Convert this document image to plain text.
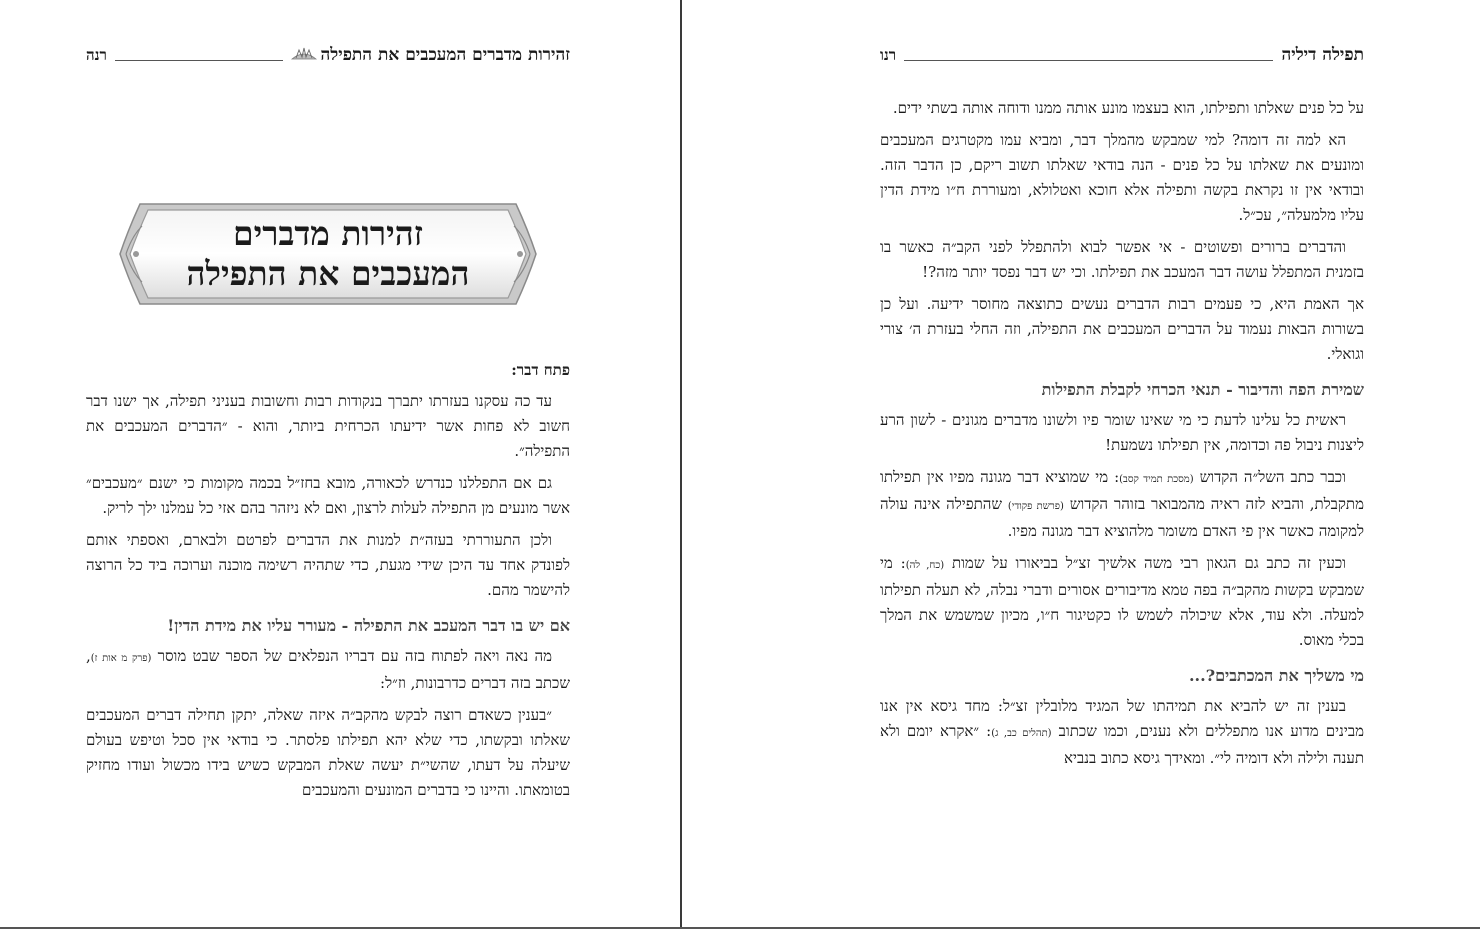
זהירות מדברים המעכבים את התפילה
רנה
זהירות מדברים
המעכבים את התפילה
פתח דבר:

עד כה עסקנו בעזרתו יתברך בנקודות רבות וחשובות בעניני תפילה, אך ישנו דבר חשוב לא פחות אשר ידיעתו הכרחית ביותר, והוא - ״הדברים המעכבים את התפילה״.

גם אם התפללנו כנדרש לכאורה, מובא בחז״ל בכמה מקומות כי ישנם ״מעכבים״ אשר מונעים מן התפילה לעלות לרצון, ואם לא ניזהר בהם אזי כל עמלנו ילך לריק.

ולכן התעוררתי בעזה״ת למנות את הדברים לפרטם ולבארם, ואספתי אותם לפונדק אחד עד היכן שידי מגעת, כדי שתהיה רשימה מוכנה וערוכה ביד כל הרוצה להישמר מהם.

אם יש בו דבר המעכב את התפילה - מעורר עליו את מידת הדין!

מה נאה ויאה לפתוח בזה עם דבריו הנפלאים של הספר שבט מוסר (פרק מ אות ז), שכתב בזה דברים כדרבונות, וז״ל:

״בענין כשאדם רוצה לבקש מהקב״ה איזה שאלה, יתקן תחילה דברים המעכבים שאלתו ובקשתו, כדי שלא יהא תפילתו פלסתר. כי בודאי אין סכל וטיפש בעולם שיעלה על דעתו, שהשי״ת יעשה שאלת המבקש כשיש בידו מכשול ועודו מחזיק בטומאתו. והיינו כי בדברים המונעים והמעכבים

תפילה דיליה
רנו

על כל פנים שאלתו ותפילתו, הוא בעצמו מונע אותה ממנו ודוחה אותה בשתי ידים.

הא למה זה דומה? למי שמבקש מהמלך דבר, ומביא עמו מקטרגים המעכבים ומונעים את שאלתו על כל פנים - הנה בודאי שאלתו תשוב ריקם, כן הדבר הזה. ובודאי אין זו נקראת בקשה ותפילה אלא חוכא ואטלולא, ומעוררת ח״ו מידת הדין עליו מלמעלה״, עכ״ל.

והדברים ברורים ופשוטים - אי אפשר לבוא ולהתפלל לפני הקב״ה כאשר בו בזמנית המתפלל עושה דבר המעכב את תפילתו. וכי יש דבר נפסד יותר מזה?!

אך האמת היא, כי פעמים רבות הדברים נעשים כתוצאה מחוסר ידיעה. ועל כן בשורות הבאות נעמוד על הדברים המעכבים את התפילה, וזה החלי בעזרת ה׳ צורי וגואלי.

שמירת הפה והדיבור - תנאי הכרחי לקבלת התפילות

ראשית כל עלינו לדעת כי מי שאינו שומר פיו ולשונו מדברים מגונים - לשון הרע ליצנות ניבול פה וכדומה, אין תפילתו נשמעת!

וכבר כתב השל״ה הקדוש (מסכת תמיד קסב): מי שמוציא דבר מגונה מפיו אין תפילתו מתקבלת, והביא לזה ראיה מהמבואר בזוהר הקדוש (פרשת פקודי) שהתפילה אינה עולה למקומה כאשר אין פי האדם משומר מלהוציא דבר מגונה מפיו.

וכעין זה כתב גם הגאון רבי משה אלשיך זצ״ל בביאורו על שמות (כח, לה): מי שמבקש בקשות מהקב״ה בפה טמא מדיבורים אסורים ודברי נבלה, לא תעלה תפילתו למעלה. ולא עוד, אלא שיכולה לשמש לו כקטיגור ח״ו, מכיון שמשמש את המלך בכלי מאוס.

מי משליך את המכתבים?...

בענין זה יש להביא את תמיהתו של המגיד מלובלין זצ״ל: מחד גיסא אין אנו מבינים מדוע אנו מתפללים ולא נענים, וכמו שכתוב (תהלים כב, ג): ״אקרא יומם ולא תענה ולילה ולא דומיה לי״. ומאידך גיסא כתוב בנביא
